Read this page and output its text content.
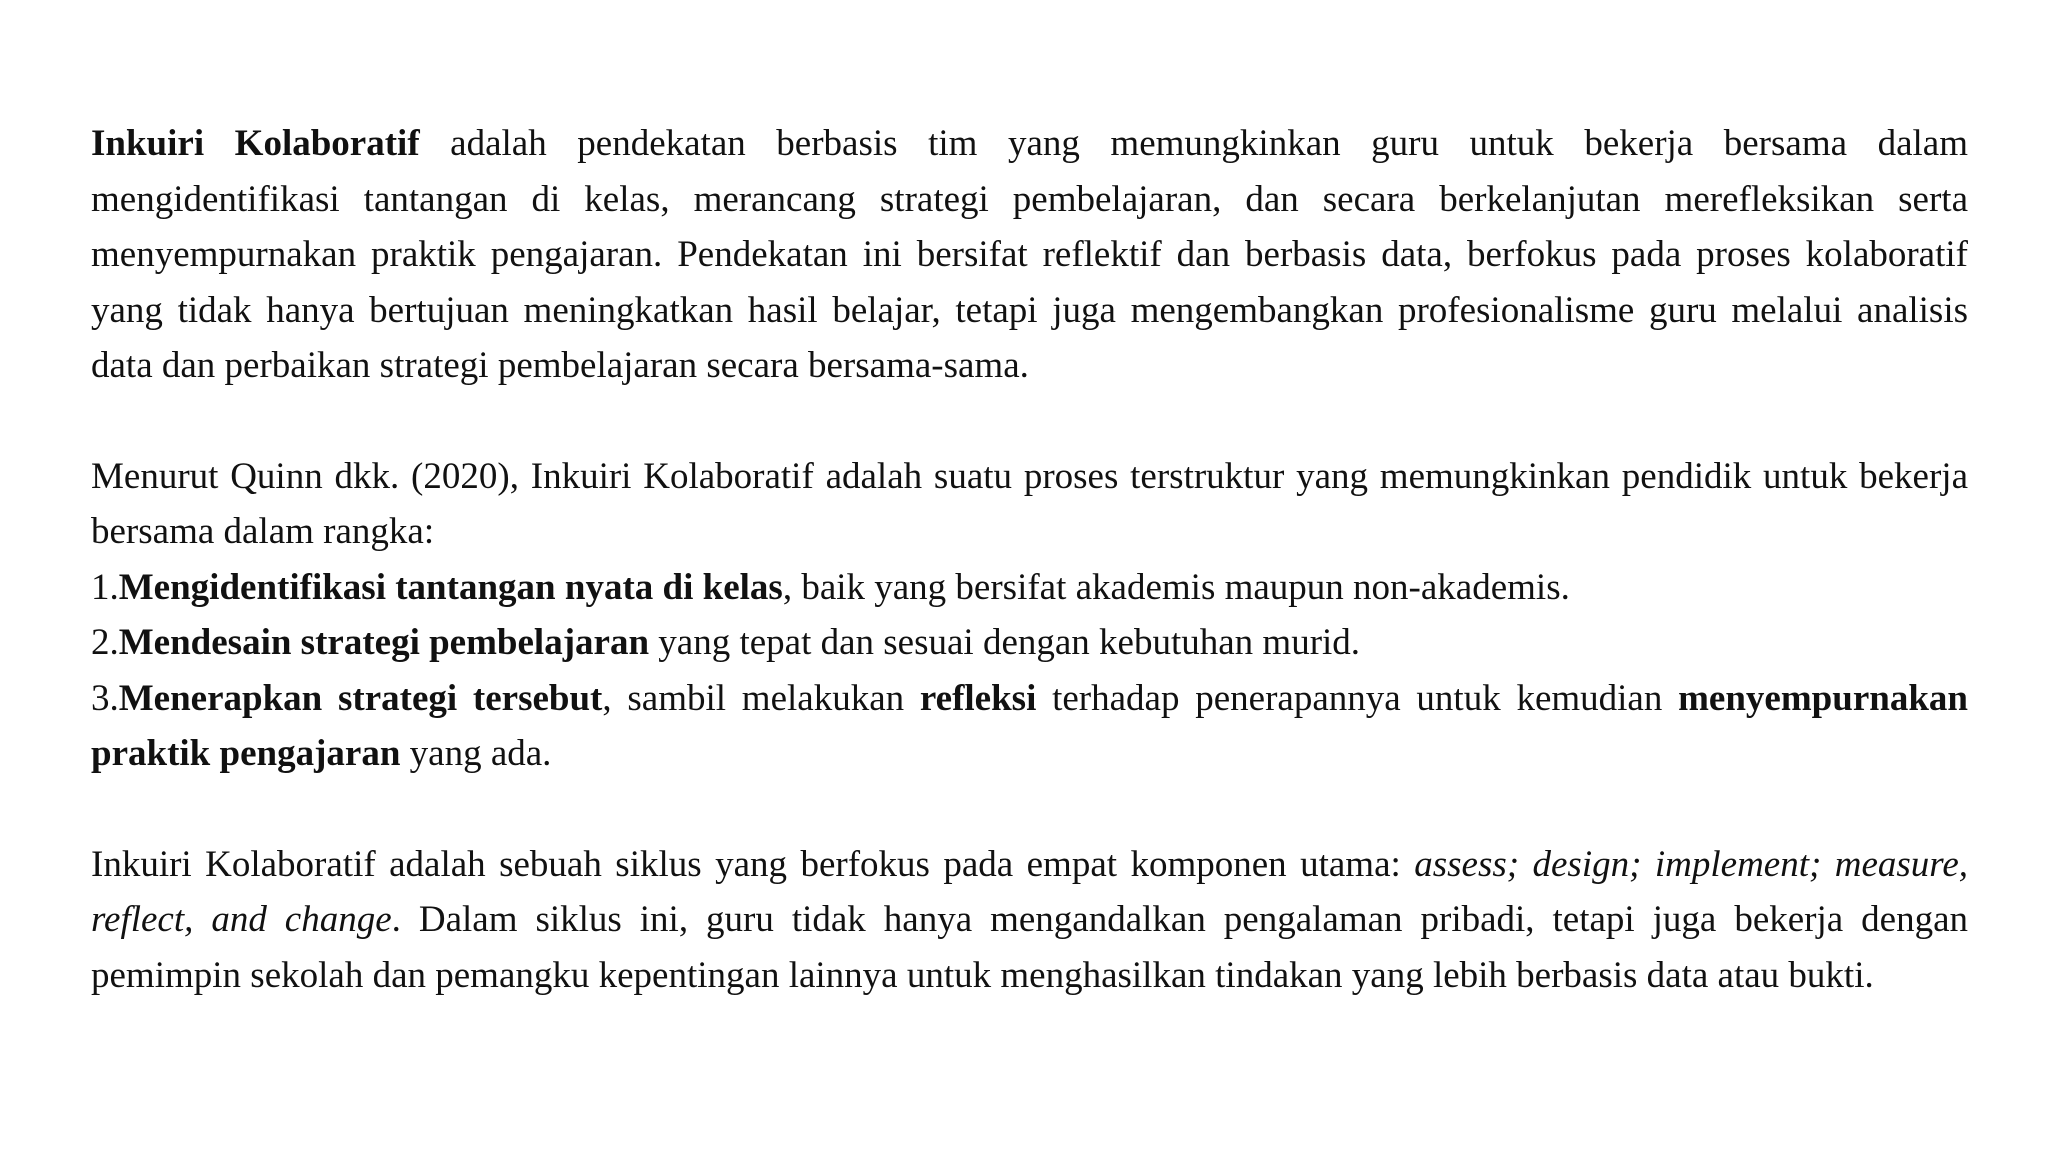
Inkuiri Kolaboratif adalah pendekatan berbasis tim yang memungkinkan guru untuk bekerja bersama dalam mengidentifikasi tantangan di kelas, merancang strategi pembelajaran, dan secara berkelanjutan merefleksikan serta menyempurnakan praktik pengajaran. Pendekatan ini bersifat reflektif dan berbasis data, berfokus pada proses kolaboratif yang tidak hanya bertujuan meningkatkan hasil belajar, tetapi juga mengembangkan profesionalisme guru melalui analisis data dan perbaikan strategi pembelajaran secara bersama-sama.

Menurut Quinn dkk. (2020), Inkuiri Kolaboratif adalah suatu proses terstruktur yang memungkinkan pendidik untuk bekerja bersama dalam rangka:

1.Mengidentifikasi tantangan nyata di kelas, baik yang bersifat akademis maupun non-akademis.

2.Mendesain strategi pembelajaran yang tepat dan sesuai dengan kebutuhan murid.

3.Menerapkan strategi tersebut, sambil melakukan refleksi terhadap penerapannya untuk kemudian menyempurnakan praktik pengajaran yang ada.

Inkuiri Kolaboratif adalah sebuah siklus yang berfokus pada empat komponen utama: assess; design; implement; measure, reflect, and change. Dalam siklus ini, guru tidak hanya mengandalkan pengalaman pribadi, tetapi juga bekerja dengan pemimpin sekolah dan pemangku kepentingan lainnya untuk menghasilkan tindakan yang lebih berbasis data atau bukti.
